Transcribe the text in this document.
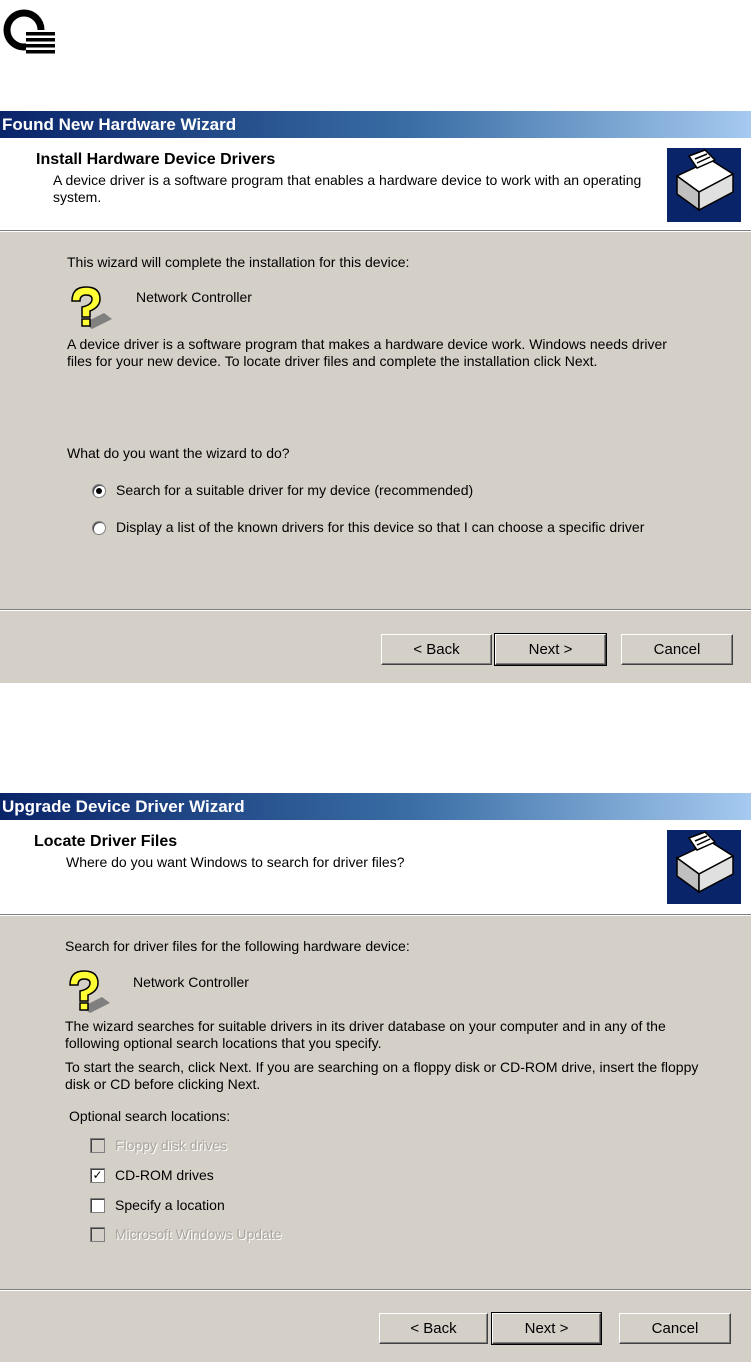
Found New Hardware Wizard
Install Hardware Device Drivers
A device driver is a software program that enables a hardware device to work with an operating system.
This wizard will complete the installation for this device:
Network Controller
A device driver is a software program that makes a hardware device work. Windows needs driver files for your new device. To locate driver files and complete the installation click Next.
What do you want the wizard to do?
Search for a suitable driver for my device (recommended)
Display a list of the known drivers for this device so that I can choose a specific driver
< Back	Next >	Cancel
Upgrade Device Driver Wizard
Locate Driver Files
Where do you want Windows to search for driver files?
Search for driver files for the following hardware device:
Network Controller
The wizard searches for suitable drivers in its driver database on your computer and in any of the following optional search locations that you specify.
To start the search, click Next. If you are searching on a floppy disk or CD-ROM drive, insert the floppy disk or CD before clicking Next.
Optional search locations:
Floppy disk drives
✓ CD-ROM drives
Specify a location
Microsoft Windows Update
< Back	Next >	Cancel
